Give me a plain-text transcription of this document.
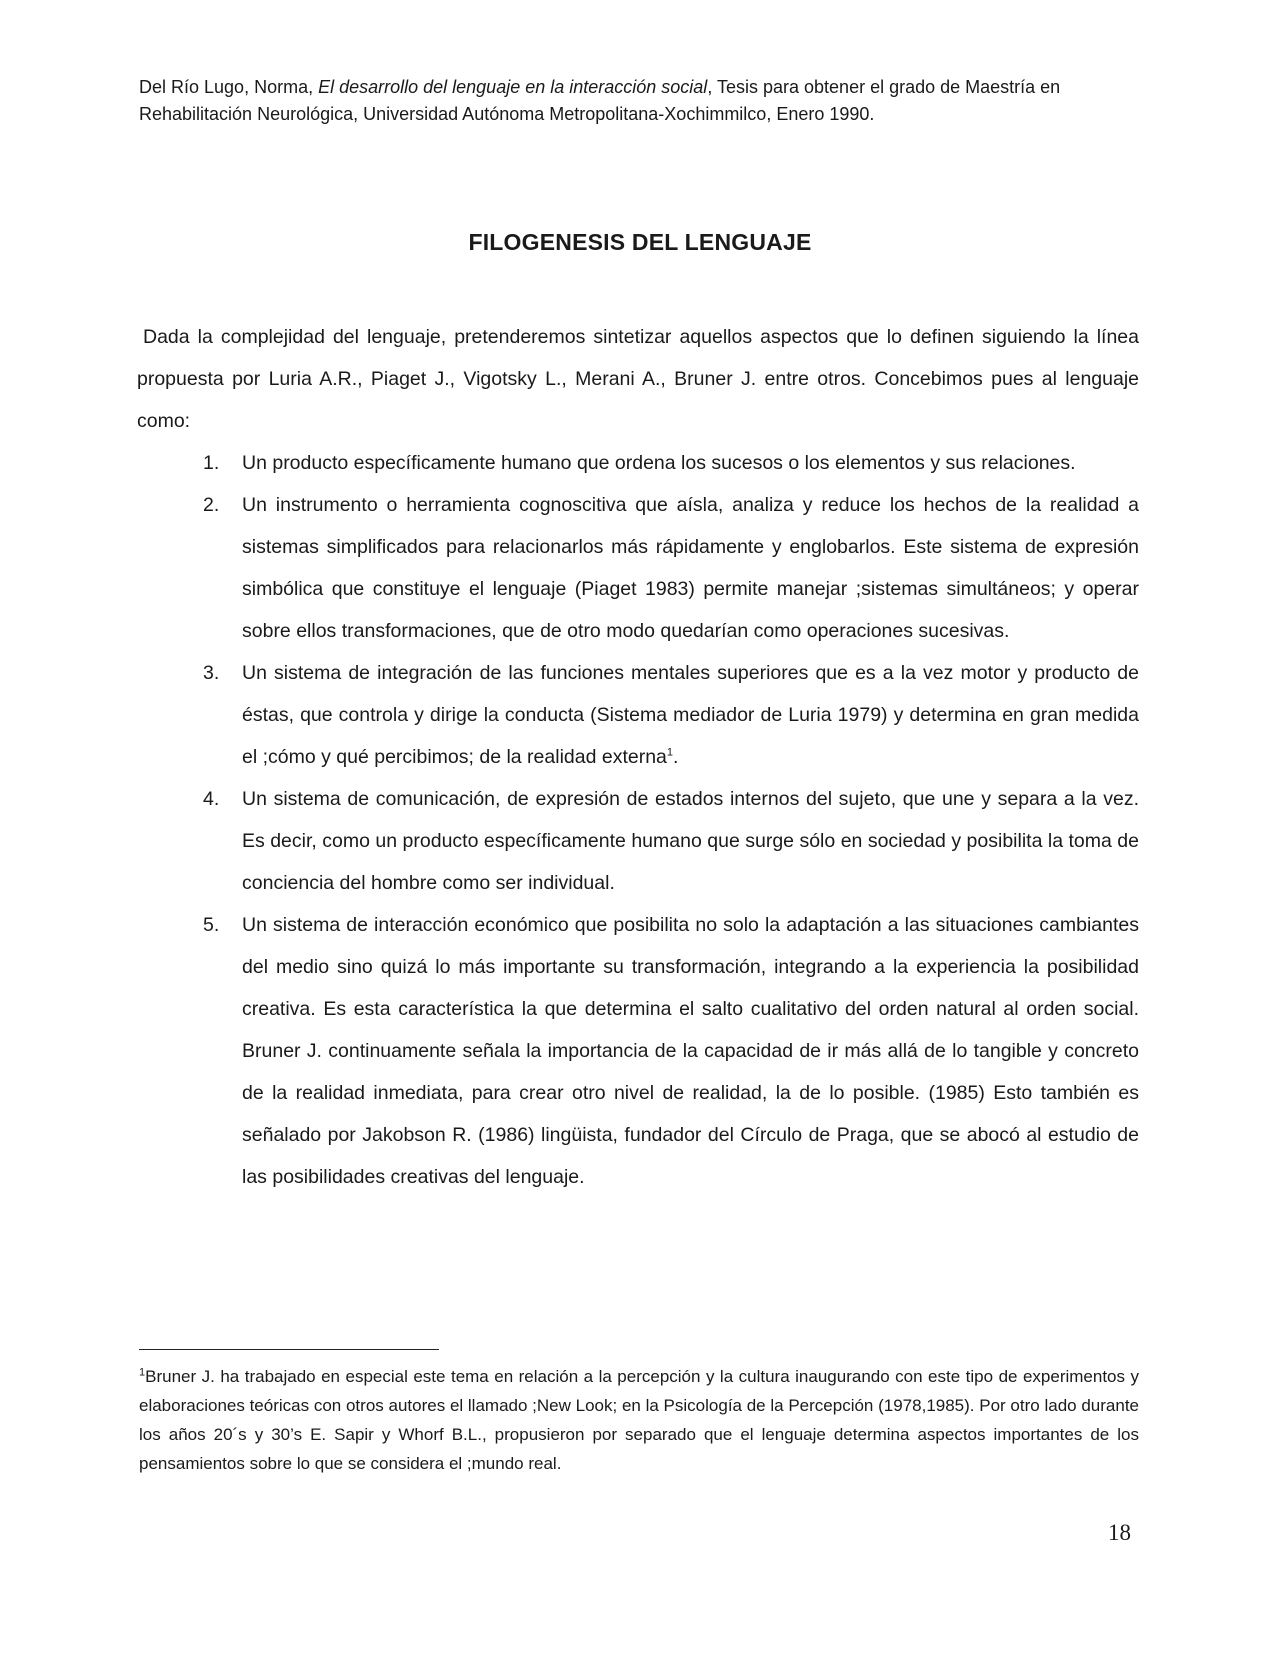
Del Río Lugo, Norma, El desarrollo del lenguaje en la interacción social, Tesis para obtener el grado de Maestría en Rehabilitación Neurológica, Universidad Autónoma Metropolitana-Xochimmilco, Enero 1990.
FILOGENESIS DEL LENGUAJE

Dada la complejidad del lenguaje, pretenderemos sintetizar aquellos aspectos que lo definen siguiendo la línea propuesta por Luria A.R., Piaget J., Vigotsky L., Merani A., Bruner J. entre otros. Concebimos pues al lenguaje como:

1. Un producto específicamente humano que ordena los sucesos o los elementos y sus relaciones.
2. Un instrumento o herramienta cognoscitiva que aísla, analiza y reduce los hechos de la realidad a sistemas simplificados para relacionarlos más rápidamente y englobarlos. Este sistema de expresión simbólica que constituye el lenguaje (Piaget 1983) permite manejar ;sistemas simultáneos; y operar sobre ellos transformaciones, que de otro modo quedarían como operaciones sucesivas.
3. Un sistema de integración de las funciones mentales superiores que es a la vez motor y producto de éstas, que controla y dirige la conducta (Sistema mediador de Luria 1979) y determina en gran medida el ;cómo y qué percibimos; de la realidad externa$^1$.
4. Un sistema de comunicación, de expresión de estados internos del sujeto, que une y separa a la vez. Es decir, como un producto específicamente humano que surge sólo en sociedad y posibilita la toma de conciencia del hombre como ser individual.
5. Un sistema de interacción económico que posibilita no solo la adaptación a las situaciones cambiantes del medio sino quizá lo más importante su transformación, integrando a la experiencia la posibilidad creativa. Es esta característica la que determina el salto cualitativo del orden natural al orden social. Bruner J. continuamente señala la importancia de la capacidad de ir más allá de lo tangible y concreto de la realidad inmediata, para crear otro nivel de realidad, la de lo posible. (1985) Esto también es señalado por Jakobson R. (1986) lingüista, fundador del Círculo de Praga, que se abocó al estudio de las posibilidades creativas del lenguaje.
$^1$Bruner J. ha trabajado en especial este tema en relación a la percepción y la cultura inaugurando con este tipo de experimentos y elaboraciones teóricas con otros autores el llamado ;New Look; en la Psicología de la Percepción (1978,1985). Por otro lado durante los años 20´s y 30’s E. Sapir y Whorf B.L., propusieron por separado que el lenguaje determina aspectos importantes de los pensamientos sobre lo que se considera el ;mundo real.
18
